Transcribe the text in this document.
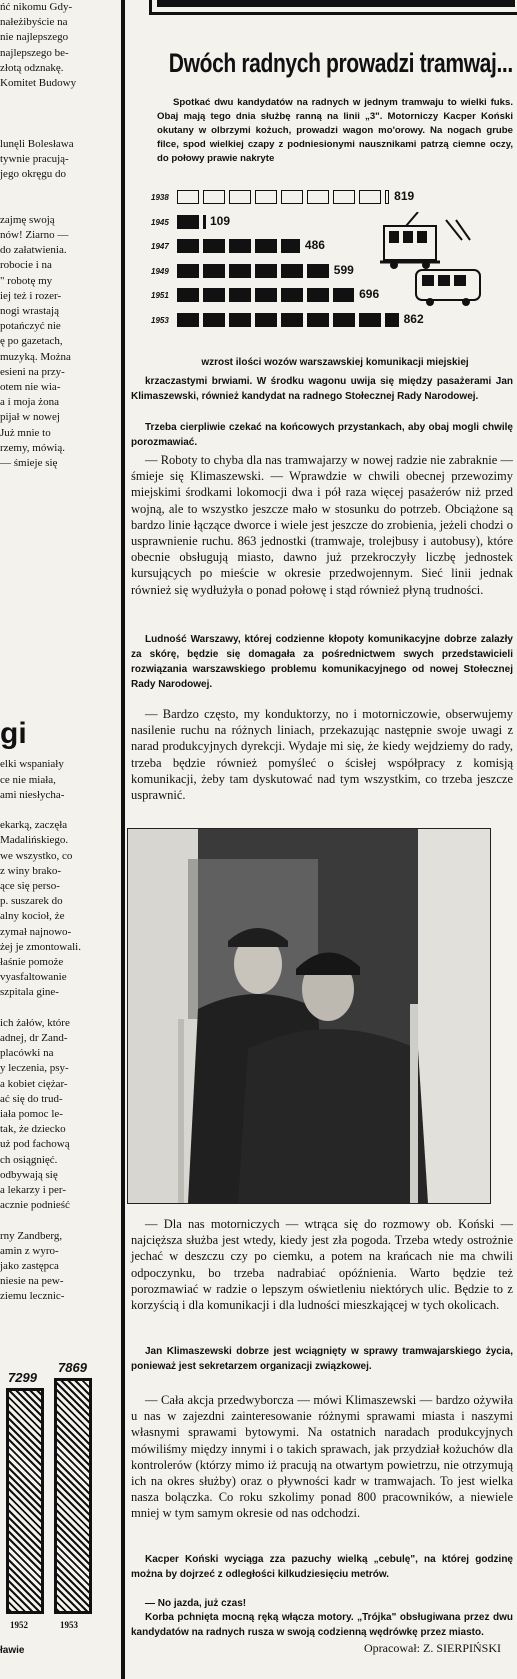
ńć nikomu Gdy-

nałeżibyście na

nie najlepszego

najlepszego be-

złotą odznakę.

Komitet Budowy

lunęli Bolesława

tywnie pracują-

jego okręgu do

zajmę swoją

nów! Ziarno —

do załatwienia.

robocie i na

" robotę my

iej też i rozer-

nogi wrastają

potańczyć nie

ę po gazetach,

muzyką. Można

esieni na przy-

otem nie wia-

a i moja żona

pijał w nowej

Już mnie to

rzemy, mówią.

— śmieje się

gi

elki wspaniały

ce nie miała,

ami niesłycha-

ekarką, zaczęła

Madalińskiego.

we wszystko, co

z winy brako-

ące się perso-

p. suszarek do

alny kocioł, że

zymał najnowo-

żej je zmontowali.

łaśnie pomoże

vyasfaltowanie

szpitala gine-

ich żałów, które

adnej, dr Zand-

placówki na

y leczenia, psy-

a kobiet ciężar-

ać się do trud-

iała pomoc le-

tak, że dziecko

uż pod fachową

ch osiągnięć.

odbywają się

a lekarzy i per-

acznie podnieść

rny Zandberg,

amin z wyro-

jako zastępca

niesie na pew-

ziemu lecznic-

7299
7869
1952	1953
ławie
Dwóch radnych prowadzi tramwaj...

Spotkać dwu kandydatów na radnych w jednym tramwaju to wielki fuks. Obaj mają tego dnia służbę ranną na linii „3". Motorniczy Kacper Koński okutany w olbrzymi kożuch, prowadzi wagon mo'orowy. Na nogach grube filce, spod wielkiej czapy z podniesionymi nausznikami patrzą ciemne oczy, do połowy prawie nakryte

1938	819
1945	109
1947	486
1949	599
1951	696
1953	862

wzrost ilości wozów warszawskiej komunikacji miejskiej

krzaczastymi brwiami. W środku wagonu uwija się między pasażerami Jan Klimaszewski, również kandydat na radnego Stołecznej Rady Narodowej.

Trzeba cierpliwie czekać na końcowych przystankach, aby obaj mogli chwilę porozmawiać.

— Roboty to chyba dla nas tramwajarzy w nowej radzie nie zabraknie — śmieje się Klimaszewski. — Wprawdzie w chwili obecnej przewozimy miejskimi środkami lokomocji dwa i pół raza więcej pasażerów niż przed wojną, ale to wszystko jeszcze mało w stosunku do potrzeb. Obciążone są bardzo linie łączące dworce i wiele jest jeszcze do zrobienia, jeżeli chodzi o usprawnienie ruchu. 863 jednostki (tramwaje, trolejbusy i autobusy), które obecnie obsługują miasto, dawno już przekroczyły liczbę jednostek kursujących po mieście w okresie przedwojennym. Sieć linii jednak również się wydłużyła o ponad połowę i stąd również płyną trudności.

Ludność Warszawy, której codzienne kłopoty komunikacyjne dobrze zalazły za skórę, będzie się domagała za pośrednictwem swych przedstawicieli rozwiązania warszawskiego problemu komunikacyjnego od nowej Stołecznej Rady Narodowej.

— Bardzo często, my konduktorzy, no i motorniczowie, obserwujemy nasilenie ruchu na różnych liniach, przekazując następnie swoje uwagi z narad produkcyjnych dyrekcji. Wydaje mi się, że kiedy wejdziemy do rady, trzeba będzie również pomyśleć o ścisłej współpracy z komisją komunikacji, żeby tam dyskutować nad tym wszystkim, co trzeba jeszcze usprawnić.

— Dla nas motorniczych — wtrąca się do rozmowy ob. Koński — najcięższa służba jest wtedy, kiedy jest zła pogoda. Trzeba wtedy ostrożnie jechać w deszczu czy po ciemku, a potem na krańcach nie ma chwili odpoczynku, bo trzeba nadrabiać opóźnienia. Warto będzie też porozmawiać w radzie o lepszym oświetleniu niektórych ulic. Będzie to z korzyścią i dla komunikacji i dla ludności mieszkającej w tych okolicach.

Jan Klimaszewski dobrze jest wciągnięty w sprawy tramwajarskiego życia, ponieważ jest sekretarzem organizacji związkowej.

— Cała akcja przedwyborcza — mówi Klimaszewski — bardzo ożywiła u nas w zajezdni zainteresowanie różnymi sprawami miasta i naszymi własnymi sprawami bytowymi. Na ostatnich naradach produkcyjnych mówiliśmy między innymi i o takich sprawach, jak przydział kożuchów dla kontrolerów (którzy mimo iż pracują na otwartym powietrzu, nie otrzymują ich na okres służby) oraz o pływności kadr w tramwajach. To jest wielka nasza bolączka. Co roku szkolimy ponad 800 pracowników, a niewiele mniej w tym samym okresie od nas odchodzi.

Kacper Koński wyciąga zza pazuchy wielką „cebulę", na której godzinę można by dojrzeć z odległości kilkudziesięciu metrów.

— No jazda, już czas!

Korba pchnięta mocną ręką włącza motory. „Trójka" obsługiwana przez dwu kandydatów na radnych rusza w swoją codzienną wędrówkę przez miasto.

Opracował: Z. SIERPIŃSKI
